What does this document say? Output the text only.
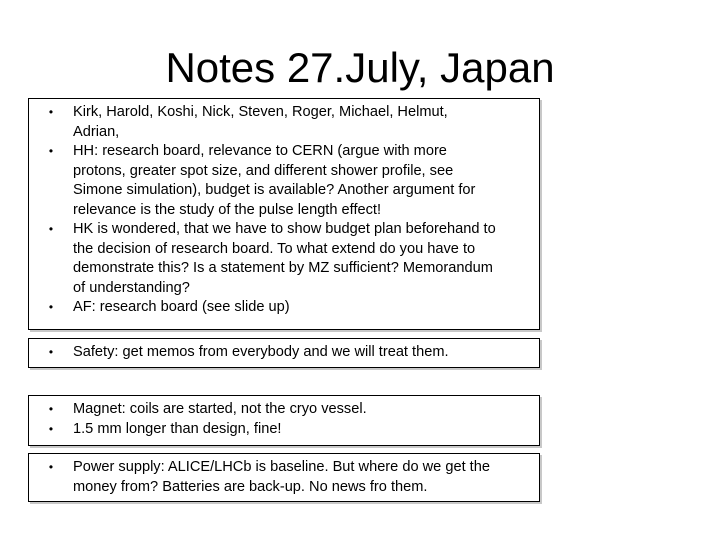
Notes 27.July, Japan
•	Kirk, Harold, Koshi, Nick, Steven, Roger, Michael, Helmut,
Adrian,
•	HH: research board, relevance to CERN (argue with more
protons, greater spot size, and different shower profile, see
Simone simulation), budget is available? Another argument for
relevance is the study of the pulse length effect!
•	HK is wondered, that we have to show budget plan beforehand to
the decision of research board. To what extend do you have to
demonstrate this? Is a statement by MZ sufficient? Memorandum
of understanding?
•	AF: research board (see slide up)
•	Safety: get memos from everybody and we will treat them.
•	Magnet: coils are started, not the cryo vessel.
•	1.5 mm longer than design, fine!
•	Power supply: ALICE/LHCb is baseline. But where do we get the
money from? Batteries are back-up. No news fro them.
